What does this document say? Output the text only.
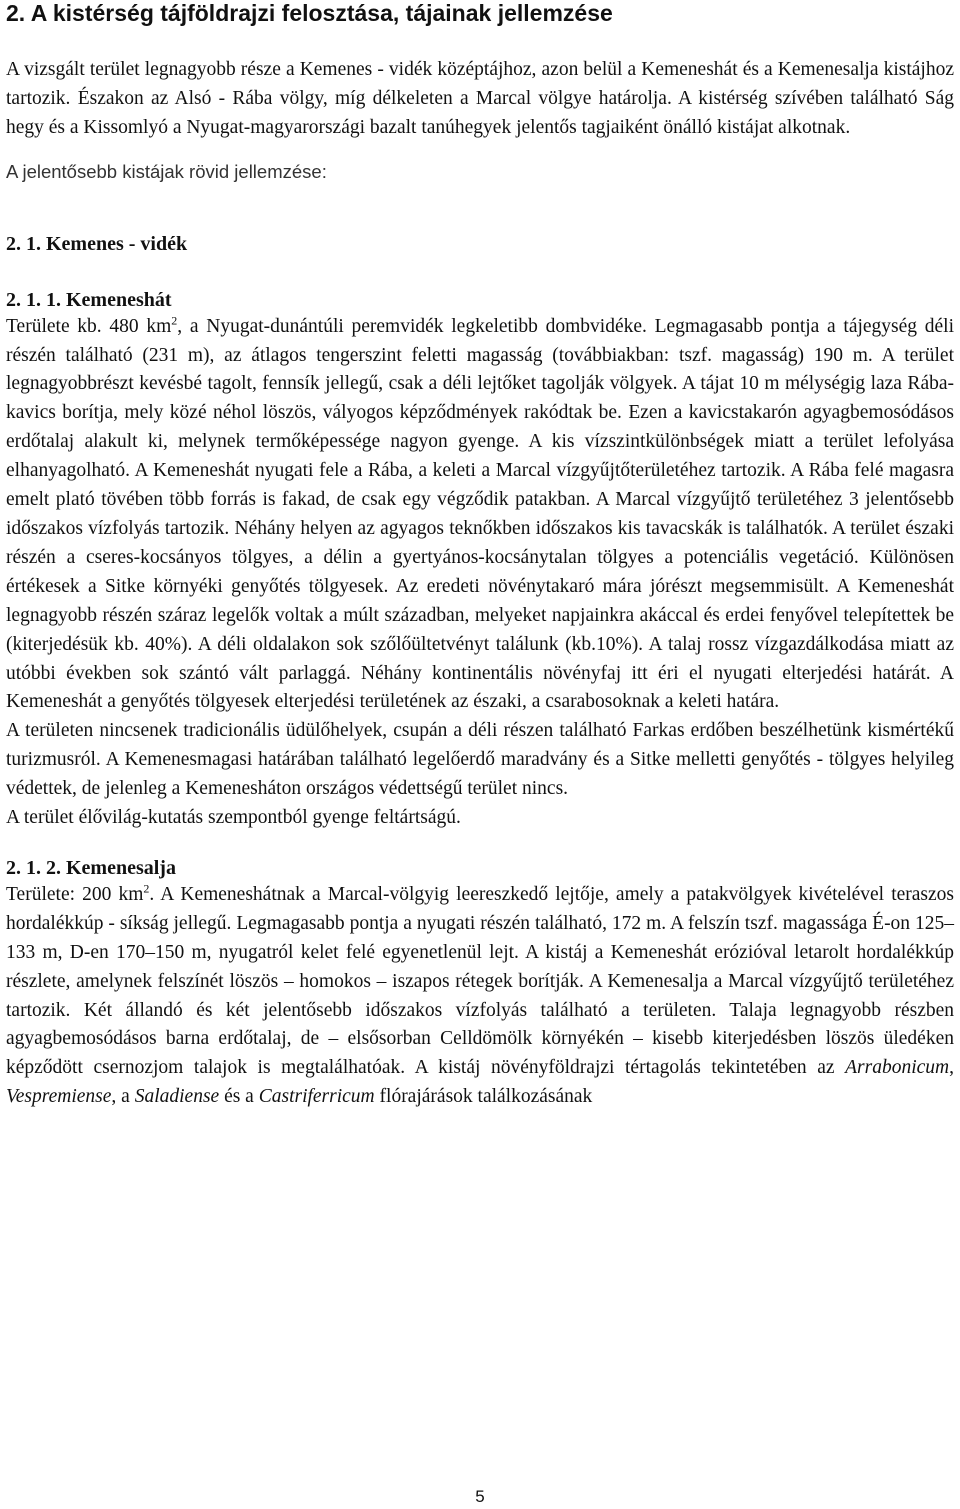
2. A kistérség tájföldrajzi felosztása, tájainak jellemzése

A vizsgált terület legnagyobb része a Kemenes - vidék középtájhoz, azon belül a Kemeneshát és a Kemenesalja kistájhoz tartozik. Északon az Alsó - Rába völgy, míg délkeleten a Marcal völgye határolja. A kistérség szívében található Ság hegy és a Kissomlyó a Nyugat-magyarországi bazalt tanúhegyek jelentős tagjaiként önálló kistájat alkotnak.

A jelentősebb kistájak rövid jellemzése:

2. 1. Kemenes - vidék
2. 1. 1. Kemeneshát

Területe kb. 480 $km^2$, a Nyugat-dunántúli peremvidék legkeletibb dombvidéke. Legmagasabb pontja a tájegység déli részén található (231 m), az átlagos tengerszint feletti magasság (továbbiakban: tszf. magasság) 190 m. A terület legnagyobbrészt kevésbé tagolt, fennsík jellegű, csak a déli lejtőket tagolják völgyek. A tájat 10 m mélységig laza Rába-kavics borítja, mely közé néhol löszös, vályogos képződmények rakódtak be. Ezen a kavicstakarón agyagbemosódásos erdőtalaj alakult ki, melynek termőképessége nagyon gyenge. A kis vízszintkülönbségek miatt a terület lefolyása elhanyagolható. A Kemeneshát nyugati fele a Rába, a keleti a Marcal vízgyűjtőterületéhez tartozik. A Rába felé magasra emelt plató tövében több forrás is fakad, de csak egy végződik patakban. A Marcal vízgyűjtő területéhez 3 jelentősebb időszakos vízfolyás tartozik. Néhány helyen az agyagos teknőkben időszakos kis tavacskák is találhatók. A terület északi részén a cseres-kocsányos tölgyes, a délin a gyertyános-kocsánytalan tölgyes a potenciális vegetáció. Különösen értékesek a Sitke környéki genyőtés tölgyesek. Az eredeti növénytakaró mára jórészt megsemmisült. A Kemeneshát legnagyobb részén száraz legelők voltak a múlt században, melyeket napjainkra akáccal és erdei fenyővel telepítettek be (kiterjedésük kb. 40%). A déli oldalakon sok szőlőültetvényt találunk (kb.10%). A talaj rossz vízgazdálkodása miatt az utóbbi években sok szántó vált parlaggá. Néhány kontinentális növényfaj itt éri el nyugati elterjedési határát. A Kemeneshát a genyőtés tölgyesek elterjedési területének az északi, a csarabosoknak a keleti határa.

A területen nincsenek tradicionális üdülőhelyek, csupán a déli részen található Farkas erdőben beszélhetünk kismértékű turizmusról. A Kemenesmagasi határában található legelőerdő maradvány és a Sitke melletti genyőtés - tölgyes helyileg védettek, de jelenleg a Kemenesháton országos védettségű terület nincs.

A terület élővilág-kutatás szempontból gyenge feltártságú.

2. 1. 2. Kemenesalja

Területe: 200 $km^2$. A Kemeneshátnak a Marcal-völgyig leereszkedő lejtője, amely a patakvölgyek kivételével teraszos hordalékkúp - síkság jellegű. Legmagasabb pontja a nyugati részén található, 172 m. A felszín tszf. magassága É-on 125–133 m, D-en 170–150 m, nyugatról kelet felé egyenetlenül lejt. A kistáj a Kemeneshát erózióval letarolt hordalékkúp részlete, amelynek felszínét löszös – homokos – iszapos rétegek borítják. A Kemenesalja a Marcal vízgyűjtő területéhez tartozik. Két állandó és két jelentősebb időszakos vízfolyás található a területen. Talaja legnagyobb részben agyagbemosódásos barna erdőtalaj, de – elsősorban Celldömölk környékén – kisebb kiterjedésben löszös üledéken képződött csernozjom talajok is megtalálhatóak. A kistáj növényföldrajzi tértagolás tekintetében az Arrabonicum, Vespremiense, a Saladiense és a Castriferricum flórajárások találkozásának

5
